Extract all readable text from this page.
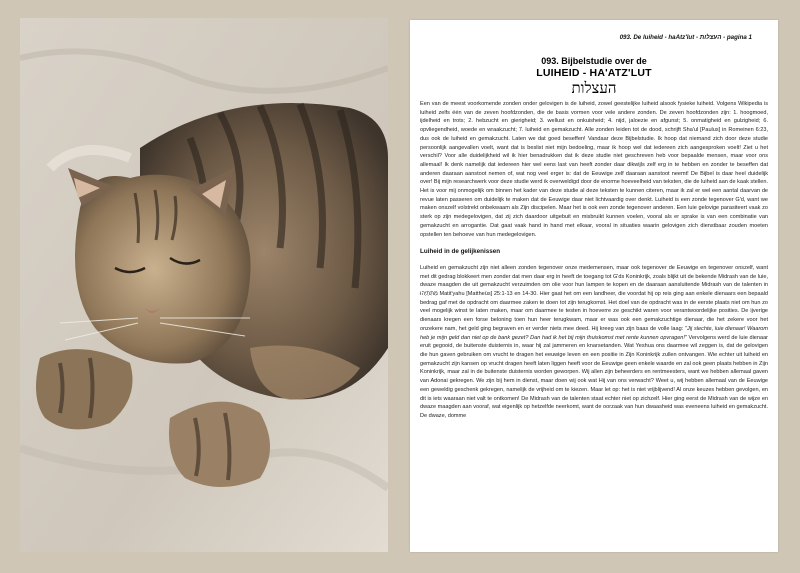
093. De luiheid - haAtz'lut - העצלות - pagina 1
093. Bijbelstudie over de
LUIHEID - HA'ATZ'LUT
העצלות

Een van de meest voorkomende zonden onder gelovigen is de luiheid, zowel geestelijke luiheid alsook fysieke luiheid. Volgens Wikipedia is luiheid zelfs één van de zeven hoofdzonden, die de basis vormen voor vele andere zonden. De zeven hoofdzonden zijn: 1. hoogmoed, ijdelheid en trots; 2. hebzucht en gierigheid; 3. wellust en onkuisheid; 4. nijd, jaloezie en afgunst; 5. onmatigheid en gulzigheid; 6. opvliegendheid, woede en wraakzucht; 7. luiheid en gemakzucht. Alle zonden leiden tot de dood, schrijft Sha'ul [Paulus] in Romeinen 6:23, dus ook de luiheid en gemakzucht. Laten we dat goed beseffen! Vandaar deze Bijbelstudie. Ik hoop dat niemand zich door deze studie persoonlijk aangevallen voelt, want dat is beslist niet mijn bedoeling, maar ik hoop wel dat iedereen zich aangesproken voelt! Ziet u het verschil? Voor alle duidelijkheid wil ik hier benadrukken dat ik deze studie niet geschreven heb voor bepaalde mensen, maar voor ons allemaal! Ik denk namelijk dat iedereen hier wel eens last van heeft zonder daar dikwijls zelf erg in te hebben en zonder te beseffen dat anderen daaraan aanstoot nemen of, wat nog veel erger is: dat de Eeuwige zelf daaraan aanstoot neemt! De Bijbel is daar heel duidelijk over! Bij mijn researchwerk voor deze studie werd ik overweldigd door de enorme hoeveelheid van teksten, die de luiheid aan de kaak stellen. Het is voor mij onmogelijk om binnen het kader van deze studie al deze teksten te kunnen citeren, maar ik zal er wel een aantal daarvan de revue laten passeren om duidelijk te maken dat de Eeuwige daar niet lichtvaardig over denkt. Luiheid is een zonde tegenover G'd, want we maken onszelf volstrekt onbekwaam als Zijn discipelen. Maar het is ook een zonde tegenover anderen. Een luie gelovige parasiteert vaak zo sterk op zijn medegelovigen, dat zij zich daardoor uitgebuit en misbruikt kunnen voelen, vooral als er sprake is van een combinatie van gemakzucht en arrogantie. Dat gaat vaak hand in hand met elkaar, vooral in situaties waarin gelovigen zich dienstbaar zouden moeten opstellen ten behoeve van hun medegelovigen.

Luiheid in de gelijkenissen

Luiheid en gemakzucht zijn niet alleen zonden tegenover onze medemensen, maar ook tegenover de Eeuwige en tegenover onszelf, want met dit gedrag blokkeert men zonder dat men daar erg in heeft de toegang tot G'ds Koninkrijk, zoals blijkt uit de bekende Midrash van de luie, dwaze maagden die uit gemakzucht verzuimden om olie voor hun lampen te kopen en de daaraan aansluitende Midrash van de talenten in מַתִּתְיָהוּ Matit'yahu [Mattheüs] 25:1-13 en 14-30. Hier gaat het om een landheer, die voordat hij op reis ging aan enkele dienaars een bepaald bedrag gaf met de opdracht om daarmee zaken te doen tot zijn terugkomst. Het doel van de opdracht was in de eerste plaats niet om hun zo veel mogelijk winst te laten maken, maar om daarmee te testen in hoeverre ze geschikt waren voor verantwoordelijke posities. De ijverige dienaars kregen een forse beloning toen hun heer terugkwam, maar er was ook een gemakzuchtige dienaar, die het zekere voor het onzekere nam, het geld ging begraven en er verder niets mee deed. Hij kreeg van zijn baas de volle laag: "Jij slechte, luie dienaar! Waarom heb je mijn geld dan niet op de bank gezet? Dan had ik het bij mijn thuiskomst met rente kunnen opvragen!" Vervolgens werd de luie dienaar eruit gegooid, de buitenste duisternis in, waar hij zal jammeren en knarsetanden. Wat Yeshua ons daarmee wil zeggen is, dat de gelovigen die hun gaven gebruiken om vrucht te dragen het eeuwige leven en een positie in Zijn Koninkrijk zullen ontvangen. Wie echter uit luiheid en gemakzucht zijn kansen op vrucht dragen heeft laten liggen heeft voor de Eeuwige geen enkele waarde en zal ook geen plaats hebben in Zijn Koninkrijk, maar zal in de buitenste duisternis worden geworpen. Wij allen zijn beheerders en rentmeesters, want we hebben allemaal gaven van Adonai gekregen. We zijn bij hem in dienst, maar doen wij ook wat Hij van ons verwacht? Weet u, wij hebben allemaal van de Eeuwige een geweldig geschenk gekregen, namelijk de vrijheid om te kiezen. Maar let op: het is niet vrijblijvend! Al onze keuzes hebben gevolgen, en dit is iets waaraan niet valt te ontkomen! De Midrash van de talenten staat echter niet op zichzelf. Hier ging eerst de Midrash van de wijze en dwaze maagden aan vooraf, wat eigenlijk op hetzelfde neerkomt, want de oorzaak van hun dwaasheid was eveneens luiheid en gemakzucht. De dwaze, domme
